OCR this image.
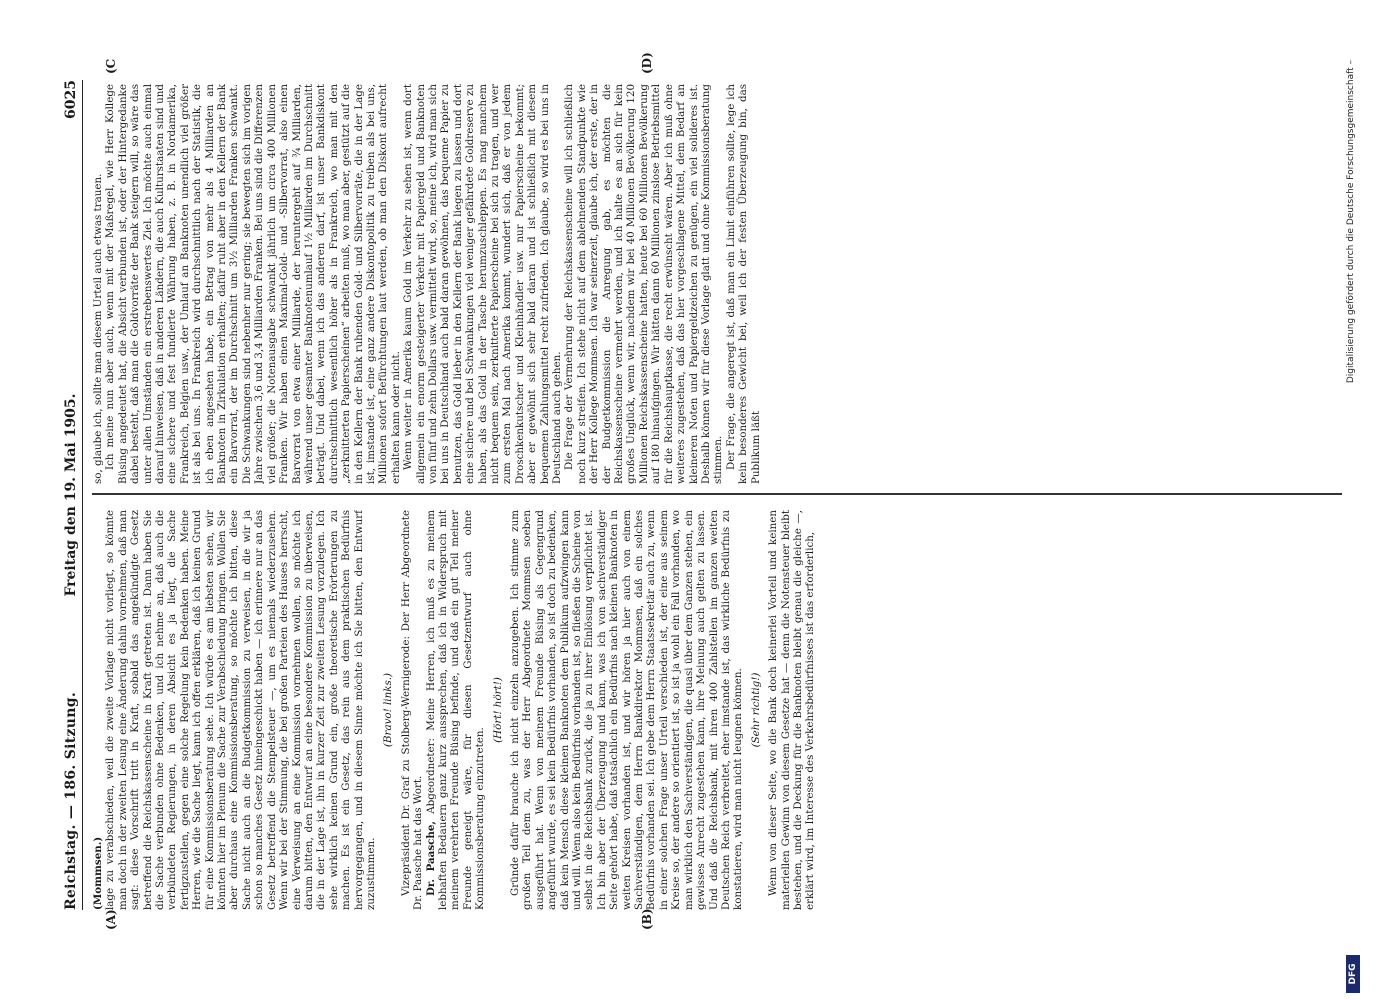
Reichstag. — 186. Sitzung.
Freitag den 19. Mai 1905.
6025
(A)	(B)
(C	(D)

(Mommsen.) lage zu verabschieden, weil die zweite Vorlage nicht vorliegt, so könnte man doch in der zweiten Lesung eine Änderung dahin vornehmen, daß man sagt: diese Vorschrift tritt in Kraft, sobald das angekündigte Gesetz betreffend die Reichskassenscheine in Kraft getreten ist. Dann haben Sie die Sache verbunden ohne Bedenken, und ich nehme an, daß auch die verbündeten Regierungen, in deren Absicht es ja liegt, die Sache fertigzustellen, gegen eine solche Regelung kein Bedenken haben. Meine Herren, wie die Sache liegt, kann ich offen erklären, daß ich keinen Grund für eine Kommissionsberatung sehe. Ich würde es am liebsten sehen, wir könnten hier im Plenum die Sache zur Verabschiedung bringen. Wollen Sie aber durchaus eine Kommissionsberatung, so möchte ich bitten, diese Sache nicht auch an die Budgetkommission zu verweisen, in die wir ja schon so manches Gesetz hineingeschickt haben — ich erinnere nur an das Gesetz betreffend die Stempelsteuer —, um es niemals wiederzusehen. Wenn wir bei der Stimmung, die bei großen Parteien des Hauses herrscht, eine Verweisung an eine Kommission vornehmen wollen, so möchte ich darum bitten, den Entwurf an eine besondere Kommission zu überweisen, die in der Lage ist, ihn in kurzer Zeit zur zweiten Lesung vorzulegen. Ich sehe wirklich keinen Grund ein, große theoretische Erörterungen zu machen. Es ist ein Gesetz, das rein aus dem praktischen Bedürfnis hervorgegangen, und in diesem Sinne möchte ich Sie bitten, den Entwurf zuzustimmen.

(Bravo! links.) Vizepräsident Dr. Graf zu Stolberg-Wernigerode: Der Herr Abgeordnete Dr. Paasche hat das Wort. Dr. Paasche, Abgeordneter: Meine Herren, ich muß es zu meinem lebhaften Bedauern ganz kurz aussprechen, daß ich in Widerspruch mit meinem verehrten Freunde Büsing befinde, und daß ein gut Teil meiner Freunde geneigt wäre, für diesen Gesetzentwurf auch ohne Kommissionsberatung einzutreten.

(Hört! hört!) Gründe dafür brauche ich nicht einzeln anzugeben. Ich stimme zum großen Teil dem zu, was der Herr Abgeordnete Mommsen soeben ausgeführt hat. Wenn von meinem Freunde Büsing als Gegengrund angeführt wurde, es sei kein Bedürfnis vorhanden, so ist doch zu bedenken, daß kein Mensch diese kleinen Banknoten dem Publikum aufzwingen kann und will. Wenn also kein Bedürfnis vorhanden ist, so fließen die Scheine von selbst in die Reichsbank zurück, die ja zu ihrer Einlösung verpflichtet ist. Ich bin aber der Überzeugung und kann, was ich von sachverständiger Seite gehört habe, daß tatsächlich ein Bedürfnis nach kleinen Banknoten in weiten Kreisen vorhanden ist, und wir hören ja hier auch von einem Sachverständigen, dem Herrn Bankdirektor Mommsen, daß ein solches Bedürfnis vorhanden sei. Ich gebe dem Herrn Staatssekretär auch zu, wenn in einer solchen Frage unser Urteil verschieden ist, der eine aus seinem Kreise so, der andere so orientiert ist, so ist ja wohl ein Fall vorhanden, wo man wirklich den Sachverständigen, die quasi über dem Ganzen stehen, ein gewisses Anrecht zugestehen kann, ihre Meinung auch gelten zu lassen. Und daß die Reichsbank, mit ihren 400 Zahlstellen im ganzen weiten Deutschen Reich verbreitet, eher imstande ist, das wirkliche Bedürfnis zu konstatieren, wird man nicht leugnen können. (Sehr richtig!) Wenn von dieser Seite, wo die Bank doch keinerlei Vorteil und keinen materiellen Gewinn von diesem Gesetze hat — denn die Notensteuer bleibt bestehen, und die Deckung für die Banknoten bleibt genau die gleiche —, erklärt wird, im Interesse des Verkehrsbedürfnisses ist das erforderlich,

so, glaube ich, sollte man diesem Urteil auch etwas trauen. Ich meine nun aber auch, wenn mit der Maßregel, wie Herr Kollege Büsing angedeutet hat, die Absicht verbunden ist, oder der Hintergedanke dabei besteht, daß man die Goldvorräte der Bank steigern will, so wäre das unter allen Umständen ein erstrebenswertes Ziel. Ich möchte auch einmal darauf hinweisen, daß in anderen Ländern, die auch Kulturstaaten sind und eine sichere und fest fundierte Währung haben, z. B. in Nordamerika, Frankreich, Belgien usw., der Umlauf an Banknoten unendlich viel größer ist als bei uns. In Frankreich wird durchschnittlich nach der Statistik, die ich eben angesehen habe, ein Betrag von mehr als 4 Milliarden an Banknoten in Zirkulation erhalten; dafür ruht aber in den Kellern der Bank ein Barvorrat, der im Durchschnitt um 3½ Milliarden Franken schwankt. Die Schwankungen sind nebenher nur gering; sie bewegten sich im vorigen Jahre zwischen 3,6 und 3,4 Milliarden Franken. Bei uns sind die Differenzen viel größer; die Notenausgabe schwankt jährlich um circa 400 Millionen Franken. Wir haben einen Maximal-Gold- und -Silbervorrat, also einen Barvorrat von etwa einer Milliarde, der heruntergeht auf ¾ Milliarden, während unser gesamter Banknotenumlauf 1½ Milliarden im Durchschnitt beträgt. Und dabei, wenn ich das anderen darf, ist unser Bankdiskont durchschnittlich wesentlich höher als in Frankreich, wo man mit den „zerknitterten Papierscheinen“ arbeiten muß, wo man aber, gestützt auf die in den Kellern der Bank ruhenden Gold- und Silbervorräte, die in der Lage ist, imstande ist, eine ganz andere Diskontopolitik zu treiben als bei uns, Millionen sofort Befürchtungen laut werden, ob man den Diskont aufrecht erhalten kann oder nicht. Wenn weiter in Amerika kaum Gold im Verkehr zu sehen ist, wenn dort allgemein ein enorm gesteigerter Verkehr mit Papiergeld und Banknoten von fünf und zehn Dollars usw. vermittelt wird, so, meine ich, wird man sich bei uns in Deutschland auch bald daran gewöhnen, das bequeme Papier zu benutzen, das Gold lieber in den Kellern der Bank liegen zu lassen und dort eine sichere und bei Schwankungen viel weniger gefährdete Goldreserve zu haben, als das Gold in der Tasche herumzuschleppen. Es mag manchem nicht bequem sein, zerknitterte Papierscheine bei sich zu tragen, und wer zum ersten Mal nach Amerika kommt, wundert sich, daß er von jedem Droschkenkutscher und Kleinhändler usw. nur Papierscheine bekommt; aber er gewöhnt sich sehr bald daran und ist schließlich mit diesem bequemen Zahlungsmittel recht zufrieden. Ich glaube, so wird es bei uns in Deutschland auch gehen. Die Frage der Vermehrung der Reichskassenscheine will ich schließlich noch kurz streifen. Ich stehe nicht auf dem ablehnenden Standpunkte wie der Herr Kollege Mommsen. Ich war seinerzeit, glaube ich, der erste, der in der Budgetkommission die Anregung gab, es möchten die Reichskassenscheine vermehrt werden, und ich halte es an sich für kein großes Unglück, wenn wir, nachdem wir bei 40 Millionen Bevölkerung 120 Millionen Reichskassenscheine hatten, heute bei 60 Millionen Bevölkerung auf 180 hinaufgingen. Wir hätten dann 60 Millionen zinslose Betriebsmittel für die Reichshauptkasse, die recht erwünscht wären. Aber ich muß ohne weiteres zugestehen, daß das hier vorgeschlagene Mittel, dem Bedarf an kleineren Noten und Papiergeldzeichen zu genügen, ein viel solideres ist. Deshalb können wir für diese Vorlage glatt und ohne Kommissionsberatung stimmen. Der Frage, die angeregt ist, daß man ein Limit einführen sollte, lege ich kein besonderes Gewicht bei, weil ich der festen Überzeugung bin, das Publikum läßt

Digitalisierung gefördert durch die Deutsche Forschungsgemeinschaft –
DFG
